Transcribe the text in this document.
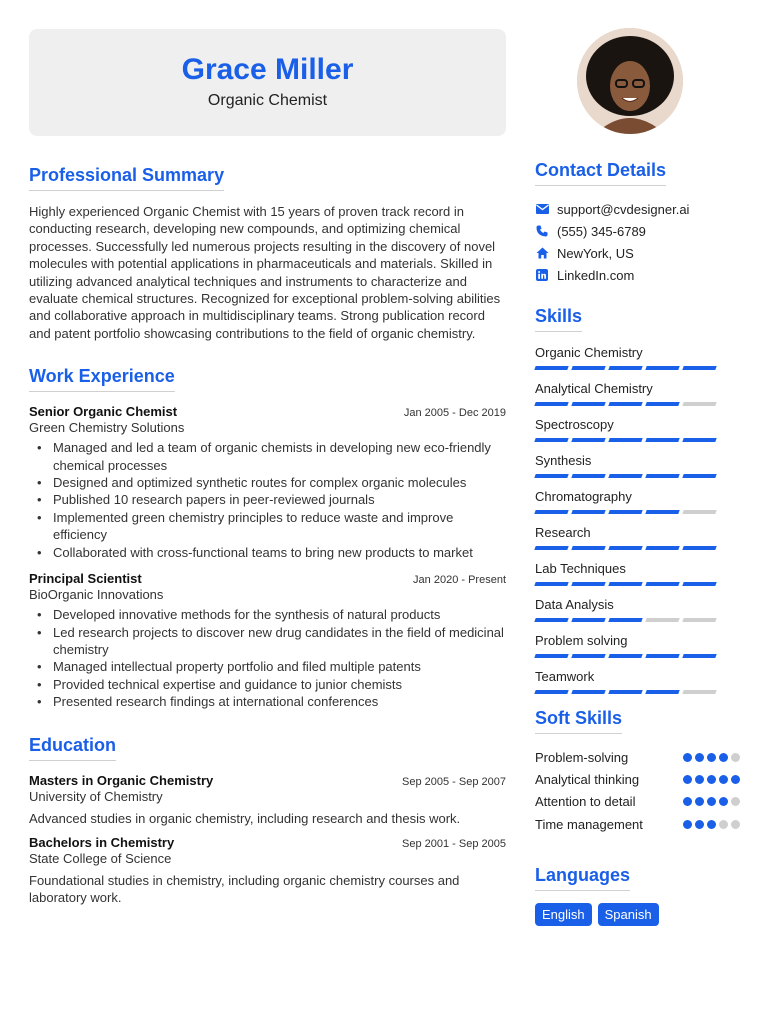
Grace Miller
Organic Chemist
Professional Summary
Highly experienced Organic Chemist with 15 years of proven track record in conducting research, developing new compounds, and optimizing chemical processes. Successfully led numerous projects resulting in the discovery of novel molecules with potential applications in pharmaceuticals and materials. Skilled in utilizing advanced analytical techniques and instruments to characterize and evaluate chemical structures. Recognized for exceptional problem-solving abilities and collaborative approach in multidisciplinary teams. Strong publication record and patent portfolio showcasing contributions to the field of organic chemistry.
Work Experience
Senior Organic Chemist	Jan 2005 - Dec 2019
Green Chemistry Solutions
• Managed and led a team of organic chemists in developing new eco-friendly chemical processes
• Designed and optimized synthetic routes for complex organic molecules
• Published 10 research papers in peer-reviewed journals
• Implemented green chemistry principles to reduce waste and improve efficiency
• Collaborated with cross-functional teams to bring new products to market
Principal Scientist	Jan 2020 - Present
BioOrganic Innovations
• Developed innovative methods for the synthesis of natural products
• Led research projects to discover new drug candidates in the field of medicinal chemistry
• Managed intellectual property portfolio and filed multiple patents
• Provided technical expertise and guidance to junior chemists
• Presented research findings at international conferences
Education
Masters in Organic Chemistry	Sep 2005 - Sep 2007
University of Chemistry
Advanced studies in organic chemistry, including research and thesis work.
Bachelors in Chemistry	Sep 2001 - Sep 2005
State College of Science
Foundational studies in chemistry, including organic chemistry courses and laboratory work.
Contact Details
support@cvdesigner.ai
(555) 345-6789
NewYork, US
LinkedIn.com
Skills
Organic Chemistry
Analytical Chemistry
Spectroscopy
Synthesis
Chromatography
Research
Lab Techniques
Data Analysis
Problem solving
Teamwork
Soft Skills
Problem-solving
Analytical thinking
Attention to detail
Time management
Languages
English	Spanish
